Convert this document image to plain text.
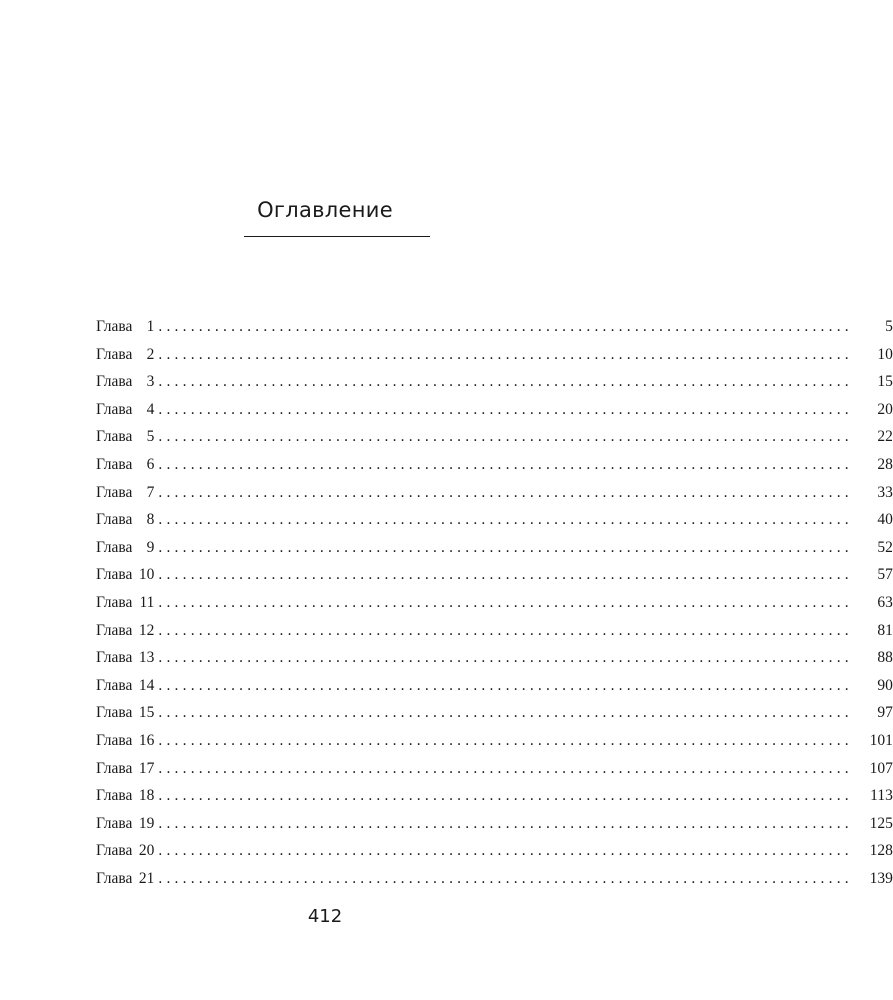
Оглавление
Глава 1 ......................................................................................	5
Глава 2 ......................................................................................	10
Глава 3 ......................................................................................	15
Глава 4 ......................................................................................	20
Глава 5 ......................................................................................	22
Глава 6 ......................................................................................	28
Глава 7 ......................................................................................	33
Глава 8 ......................................................................................	40
Глава 9 ......................................................................................	52
Глава 10 ......................................................................................	57
Глава 11 ......................................................................................	63
Глава 12 ......................................................................................	81
Глава 13 ......................................................................................	88
Глава 14 ......................................................................................	90
Глава 15 ......................................................................................	97
Глава 16 ......................................................................................	101
Глава 17 ......................................................................................	107
Глава 18 ......................................................................................	113
Глава 19 ......................................................................................	125
Глава 20 ......................................................................................	128
Глава 21 ......................................................................................	139
412
